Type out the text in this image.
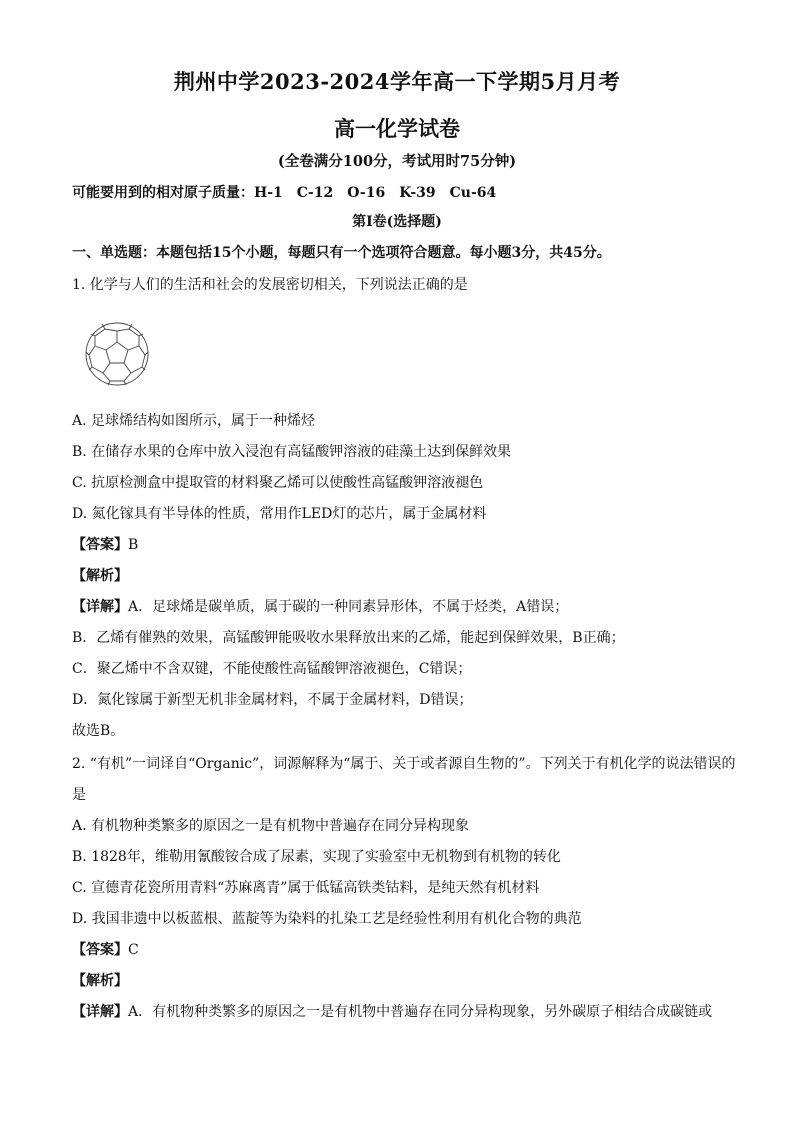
荆州中学2023-2024学年高一下学期5月月考
高一化学试卷
(全卷满分100分，考试用时75分钟)
可能要用到的相对原子质量：H-1　C-12　O-16　K-39　Cu-64
第Ⅰ卷(选择题)
一、单选题：本题包括15个小题，每题只有一个选项符合题意。每小题3分，共45分。
1. 化学与人们的生活和社会的发展密切相关，下列说法正确的是
A. 足球烯结构如图所示，属于一种烯烃
B. 在储存水果的仓库中放入浸泡有高锰酸钾溶液的硅藻土达到保鲜效果
C. 抗原检测盒中提取管的材料聚乙烯可以使酸性高锰酸钾溶液褪色
D. 氮化镓具有半导体的性质，常用作LED灯的芯片，属于金属材料
【答案】B
【解析】
【详解】A．足球烯是碳单质，属于碳的一种同素异形体，不属于烃类，A错误；
B．乙烯有催熟的效果，高锰酸钾能吸收水果释放出来的乙烯，能起到保鲜效果，B正确；
C．聚乙烯中不含双键，不能使酸性高锰酸钾溶液褪色，C错误；
D．氮化镓属于新型无机非金属材料，不属于金属材料，D错误；
故选B。
2. “有机”一词译自“Organic”，词源解释为“属于、关于或者源自生物的”。下列关于有机化学的说法错误的
是
A. 有机物种类繁多的原因之一是有机物中普遍存在同分异构现象
B. 1828年，维勒用氰酸铵合成了尿素，实现了实验室中无机物到有机物的转化
C. 宣德青花瓷所用青料“苏麻离青”属于低锰高铁类钴料，是纯天然有机材料
D. 我国非遗中以板蓝根、蓝靛等为染料的扎染工艺是经验性利用有机化合物的典范
【答案】C
【解析】
【详解】A．有机物种类繁多的原因之一是有机物中普遍存在同分异构现象，另外碳原子相结合成碳链或
